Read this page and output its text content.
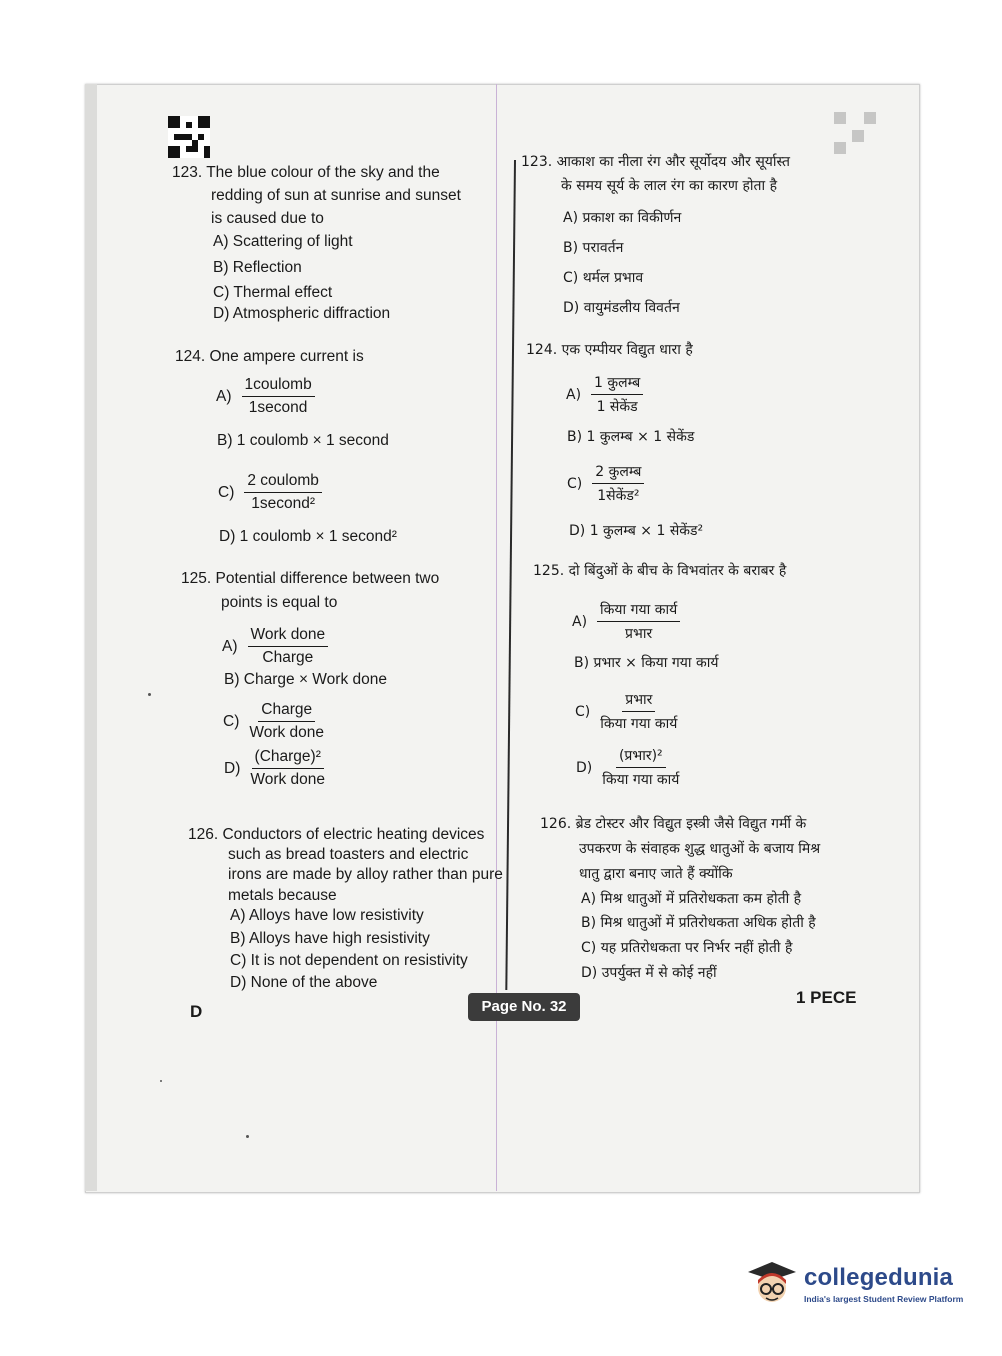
123. The blue colour of the sky and the
redding of sun at sunrise and sunset
is caused due to
A) Scattering of light
B) Reflection
C) Thermal effect
D) Atmospheric diffraction
124. One ampere current is
A)
1coulomb
1second
B) 1 coulomb × 1 second
C)
2 coulomb
1second²
D) 1 coulomb × 1 second²
125. Potential difference between two
points is equal to
A)
Work done
Charge
B) Charge × Work done
C)
Charge
Work done
D)
(Charge)²
Work done
126. Conductors of electric heating devices
such as bread toasters and electric
irons are made by alloy rather than pure
metals because
A) Alloys have low resistivity
B) Alloys have high resistivity
C) It is not dependent on resistivity
D) None of the above
123. आकाश का नीला रंग और सूर्योदय और सूर्यास्त
के समय सूर्य के लाल रंग का कारण होता है
A) प्रकाश का विकीर्णन
B) परावर्तन
C) थर्मल प्रभाव
D) वायुमंडलीय विवर्तन
124. एक एम्पीयर विद्युत धारा है
A)
1 कुलम्ब
1 सेकेंड
B) 1 कुलम्ब × 1 सेकेंड
C)
2 कुलम्ब
1सेकेंड²
D) 1 कुलम्ब × 1 सेकेंड²
125. दो बिंदुओं के बीच के विभवांतर के बराबर है
A)
किया गया कार्य
प्रभार
B) प्रभार × किया गया कार्य
C)
प्रभार
किया गया कार्य
D)
(प्रभार)²
किया गया कार्य
126. ब्रेड टोस्टर और विद्युत इस्त्री जैसे विद्युत गर्मी के
उपकरण के संवाहक शुद्ध धातुओं के बजाय मिश्र
धातु द्वारा बनाए जाते हैं क्योंकि
A) मिश्र धातुओं में प्रतिरोधकता कम होती है
B) मिश्र धातुओं में प्रतिरोधकता अधिक होती है
C) यह प्रतिरोधकता पर निर्भर नहीं होती है
D) उपर्युक्त में से कोई नहीं
D	Page No. 32	1 PECE
collegedunia
India's largest Student Review Platform
